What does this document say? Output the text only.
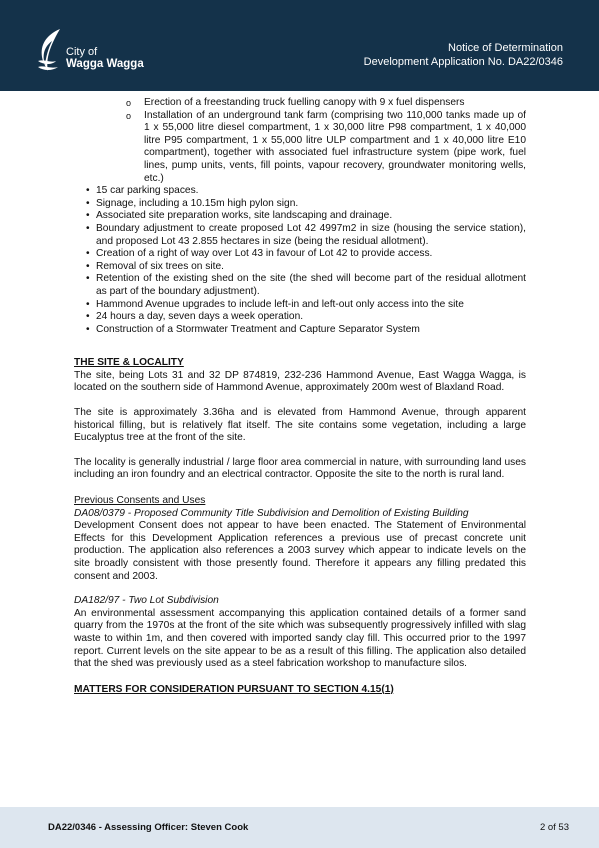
City of
Wagga Wagga
Notice of Determination
Development Application No. DA22/0346
o Erection of a freestanding truck fuelling canopy with 9 x fuel dispensers
o Installation of an underground tank farm (comprising two 110,000 tanks made up of 1 x 55,000 litre diesel compartment, 1 x 30,000 litre P98 compartment, 1 x 40,000 litre P95 compartment, 1 x 55,000 litre ULP compartment and 1 x 40,000 litre E10 compartment), together with associated fuel infrastructure system (pipe work, fuel lines, pump units, vents, fill points, vapour recovery, groundwater monitoring wells, etc.)
• 15 car parking spaces.
• Signage, including a 10.15m high pylon sign.
• Associated site preparation works, site landscaping and drainage.
• Boundary adjustment to create proposed Lot 42 4997m2 in size (housing the service station), and proposed Lot 43 2.855 hectares in size (being the residual allotment).
• Creation of a right of way over Lot 43 in favour of Lot 42 to provide access.
• Removal of six trees on site.
• Retention of the existing shed on the site (the shed will become part of the residual allotment as part of the boundary adjustment).
• Hammond Avenue upgrades to include left-in and left-out only access into the site
• 24 hours a day, seven days a week operation.
• Construction of a Stormwater Treatment and Capture Separator System
THE SITE & LOCALITY

The site, being Lots 31 and 32 DP 874819, 232-236 Hammond Avenue, East Wagga Wagga, is located on the southern side of Hammond Avenue, approximately 200m west of Blaxland Road.

The site is approximately 3.36ha and is elevated from Hammond Avenue, through apparent historical filling, but is relatively flat itself. The site contains some vegetation, including a large Eucalyptus tree at the front of the site.

The locality is generally industrial / large floor area commercial in nature, with surrounding land uses including an iron foundry and an electrical contractor. Opposite the site to the north is rural land.

Previous Consents and Uses
DA08/0379 - Proposed Community Title Subdivision and Demolition of Existing Building

Development Consent does not appear to have been enacted. The Statement of Environmental Effects for this Development Application references a previous use of precast concrete unit production. The application also references a 2003 survey which appear to indicate levels on the site broadly consistent with those presently found. Therefore it appears any filling predated this consent and 2003.

DA182/97 - Two Lot Subdivision

An environmental assessment accompanying this application contained details of a former sand quarry from the 1970s at the front of the site which was subsequently progressively infilled with slag waste to within 1m, and then covered with imported sandy clay fill. This occurred prior to the 1997 report. Current levels on the site appear to be as a result of this filling. The application also detailed that the shed was previously used as a steel fabrication workshop to manufacture silos.

MATTERS FOR CONSIDERATION PURSUANT TO SECTION 4.15(1)
DA22/0346 - Assessing Officer: Steven Cook	2 of 53
